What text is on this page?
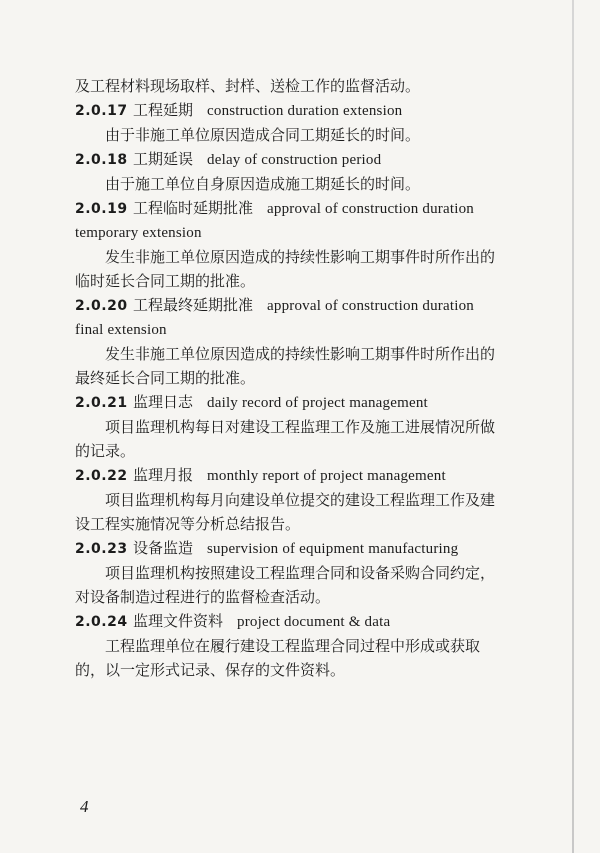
及工程材料现场取样、封样、送检工作的监督活动。
2.0.17 工程延期 construction duration extension
由于非施工单位原因造成合同工期延长的时间。
2.0.18 工期延误 delay of construction period
由于施工单位自身原因造成施工期延长的时间。
2.0.19 工程临时延期批准 approval of construction duration
temporary extension
发生非施工单位原因造成的持续性影响工期事件时所作出的
临时延长合同工期的批准。
2.0.20 工程最终延期批准 approval of construction duration
final extension
发生非施工单位原因造成的持续性影响工期事件时所作出的
最终延长合同工期的批准。
2.0.21 监理日志 daily record of project management
项目监理机构每日对建设工程监理工作及施工进展情况所做
的记录。
2.0.22 监理月报 monthly report of project management
项目监理机构每月向建设单位提交的建设工程监理工作及建
设工程实施情况等分析总结报告。
2.0.23 设备监造 supervision of equipment manufacturing
项目监理机构按照建设工程监理合同和设备采购合同约定，
对设备制造过程进行的监督检查活动。
2.0.24 监理文件资料 project document & data
工程监理单位在履行建设工程监理合同过程中形成或获取
的，以一定形式记录、保存的文件资料。
4
